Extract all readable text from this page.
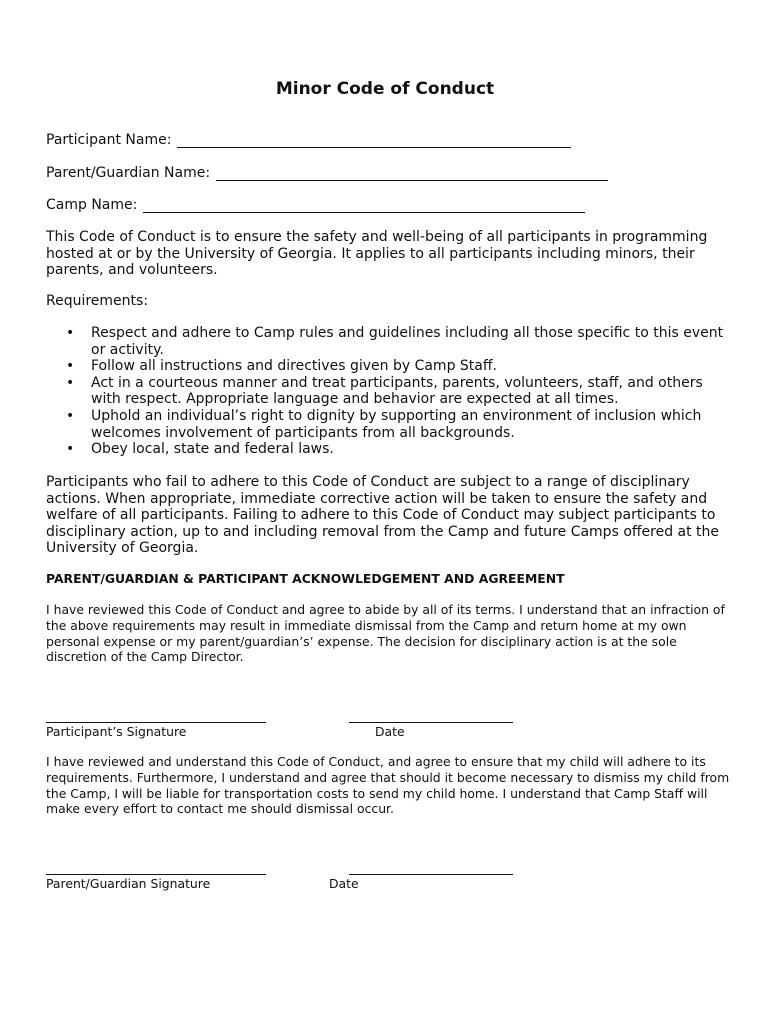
Minor Code of Conduct
Participant Name:
Parent/Guardian Name:
Camp Name:

This Code of Conduct is to ensure the safety and well-being of all participants in programming hosted at or by the University of Georgia. It applies to all participants including minors, their parents, and volunteers.

Requirements:
• Respect and adhere to Camp rules and guidelines including all those specific to this event or activity.
• Follow all instructions and directives given by Camp Staff.
• Act in a courteous manner and treat participants, parents, volunteers, staff, and others with respect. Appropriate language and behavior are expected at all times.
• Uphold an individual’s right to dignity by supporting an environment of inclusion which welcomes involvement of participants from all backgrounds.
• Obey local, state and federal laws.

Participants who fail to adhere to this Code of Conduct are subject to a range of disciplinary actions. When appropriate, immediate corrective action will be taken to ensure the safety and welfare of all participants. Failing to adhere to this Code of Conduct may subject participants to disciplinary action, up to and including removal from the Camp and future Camps offered at the University of Georgia.

PARENT/GUARDIAN & PARTICIPANT ACKNOWLEDGEMENT AND AGREEMENT

I have reviewed this Code of Conduct and agree to abide by all of its terms. I understand that an infraction of the above requirements may result in immediate dismissal from the Camp and return home at my own personal expense or my parent/guardian’s’ expense. The decision for disciplinary action is at the sole discretion of the Camp Director.

Participant’s Signature	Date

I have reviewed and understand this Code of Conduct, and agree to ensure that my child will adhere to its requirements. Furthermore, I understand and agree that should it become necessary to dismiss my child from the Camp, I will be liable for transportation costs to send my child home. I understand that Camp Staff will make every effort to contact me should dismissal occur.

Parent/Guardian Signature	Date
